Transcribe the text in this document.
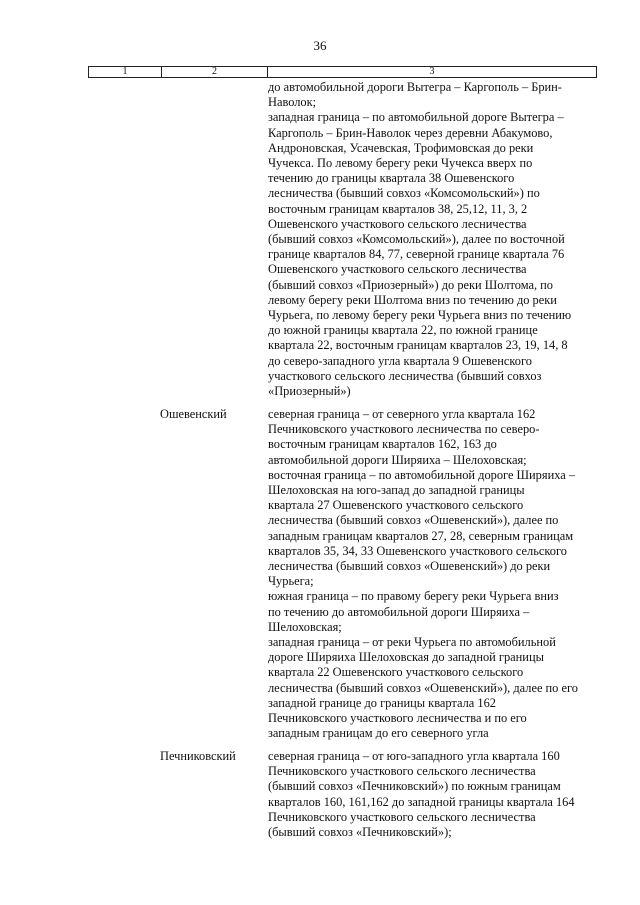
36
1	2	3

до автомобильной дороги Вытегра – Каргополь – Брин-

Наволок;

западная граница – по автомобильной дороге Вытегра –

Каргополь – Брин-Наволок через деревни Абакумово,

Андроновская, Усачевская, Трофимовская до реки

Чучекса. По левому берегу реки Чучекса вверх по

течению до границы квартала 38 Ошевенского

лесничества (бывший совхоз «Комсомольский») по

восточным границам кварталов 38, 25,12, 11, 3, 2

Ошевенского участкового сельского лесничества

(бывший совхоз «Комсомольский»), далее по восточной

границе кварталов 84, 77, северной границе квартала 76

Ошевенского участкового сельского лесничества

(бывший совхоз «Приозерный») до реки Шолтома, по

левому берегу реки Шолтома вниз по течению до реки

Чурьега, по левому берегу реки Чурьега вниз по течению

до южной границы квартала 22, по южной границе

квартала 22, восточным границам кварталов 23, 19, 14, 8

до северо-западного угла квартала 9 Ошевенского

участкового сельского лесничества (бывший совхоз

«Приозерный»)

Ошевенский	северная граница – от северного угла квартала 162

Печниковского участкового лесничества по северо-

восточным границам кварталов 162, 163 до

автомобильной дороги Ширяиха – Шелоховская;

восточная граница – по автомобильной дороге Ширяиха –

Шелоховская на юго-запад до западной границы

квартала 27 Ошевенского участкового сельского

лесничества (бывший совхоз «Ошевенский»), далее по

западным границам кварталов 27, 28, северным границам

кварталов 35, 34, 33 Ошевенского участкового сельского

лесничества (бывший совхоз «Ошевенский») до реки

Чурьега;

южная граница – по правому берегу реки Чурьега вниз

по течению до автомобильной дороги Ширяиха –

Шелоховская;

западная граница – от реки Чурьега по автомобильной

дороге Ширяиха Шелоховская до западной границы

квартала 22 Ошевенского участкового сельского

лесничества (бывший совхоз «Ошевенский»), далее по его

западной границе до границы квартала 162

Печниковского участкового лесничества и по его

западным границам до его северного угла

Печниковский	северная граница – от юго-западного угла квартала 160

Печниковского участкового сельского лесничества

(бывший совхоз «Печниковский») по южным границам

кварталов 160, 161,162 до западной границы квартала 164

Печниковского участкового сельского лесничества

(бывший совхоз «Печниковский»);
